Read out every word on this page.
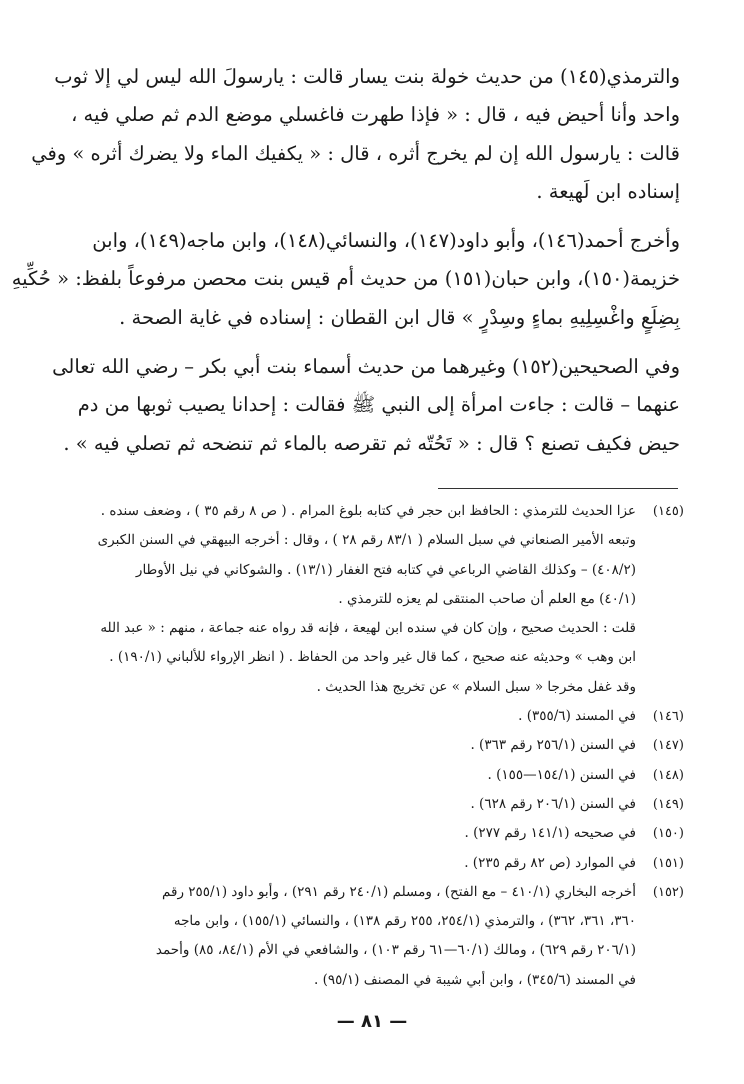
والترمذي(١٤٥) من حديث خولة بنت يسار قالت : يارسولَ الله ليس لي إلا ثوب
واحد وأنا أحيض فيه ، قال : « فإذا طهرت فاغسلي موضع الدم ثم صلي فيه ،
قالت : يارسول الله إن لم يخرج أثره ، قال : « يكفيك الماء ولا يضرك أثره » وفي
إسناده ابن لَهيعة .
وأخرج أحمد(١٤٦)، وأبو داود(١٤٧)، والنسائي(١٤٨)، وابن ماجه(١٤٩)، وابن
خزيمة(١٥٠)، وابن حبان(١٥١) من حديث أم قيس بنت محصن مرفوعاً بلفظ: « حُكِّيهِ
بِضِلَعٍ واغْسِلِيهِ بماءٍ وسِدْرٍ » قال ابن القطان : إسناده في غاية الصحة .
وفي الصحيحين(١٥٢) وغيرهما من حديث أسماء بنت أبي بكر – رضي الله تعالى
عنهما – قالت : جاءت امرأة إلى النبي ﷺ فقالت : إحدانا يصيب ثوبها من دم
حيض فكيف تصنع ؟ قال : « تَحُتّه ثم تقرصه بالماء ثم تنضحه ثم تصلي فيه » .
(١٤٥)
عزا الحديث للترمذي : الحافظ ابن حجر في كتابه بلوغ المرام . ( ص ٨ رقم ٣٥ ) ، وضعف سنده .
وتبعه الأمير الصنعاني في سبل السلام ( ٨٣/١ رقم ٢٨ ) ، وقال : أخرجه البيهقي في السنن الكبرى
(٤٠٨/٢) – وكذلك القاضي الرباعي في كتابه فتح الغفار (١٣/١) . والشوكاني في نيل الأوطار
(٤٠/١) مع العلم أن صاحب المنتقى لم يعزه للترمذي .
قلت : الحديث صحيح ، وإن كان في سنده ابن لهيعة ، فإنه قد رواه عنه جماعة ، منهم : « عبد الله
ابن وهب » وحديثه عنه صحيح ، كما قال غير واحد من الحفاظ . ( انظر الإرواء للألباني (١٩٠/١) .
وقد غفل مخرجا « سبل السلام » عن تخريج هذا الحديث .
(١٤٦)
في المسند (٣٥٥/٦) .
(١٤٧)
في السنن (٢٥٦/١ رقم ٣٦٣) .
(١٤٨)
في السنن (١٥٤/١—١٥٥) .
(١٤٩)
في السنن (٢٠٦/١ رقم ٦٢٨) .
(١٥٠)
في صحيحه (١٤١/١ رقم ٢٧٧) .
(١٥١)
في الموارد (ص ٨٢ رقم ٢٣٥) .
(١٥٢)
أخرجه البخاري (٤١٠/١ – مع الفتح) ، ومسلم (٢٤٠/١ رقم ٢٩١) ، وأبو داود (٢٥٥/١ رقم
٣٦٠، ٣٦١، ٣٦٢) ، والترمذي (٢٥٤/١، ٢٥٥ رقم ١٣٨) ، والنسائي (١٥٥/١) ، وابن ماجه
(٢٠٦/١ رقم ٦٢٩) ، ومالك (٦٠/١—٦١ رقم ١٠٣) ، والشافعي في الأم (٨٤/١، ٨٥) وأحمد
في المسند (٣٤٥/٦) ، وابن أبي شيبة في المصنف (٩٥/١) .
— ٨١ —
